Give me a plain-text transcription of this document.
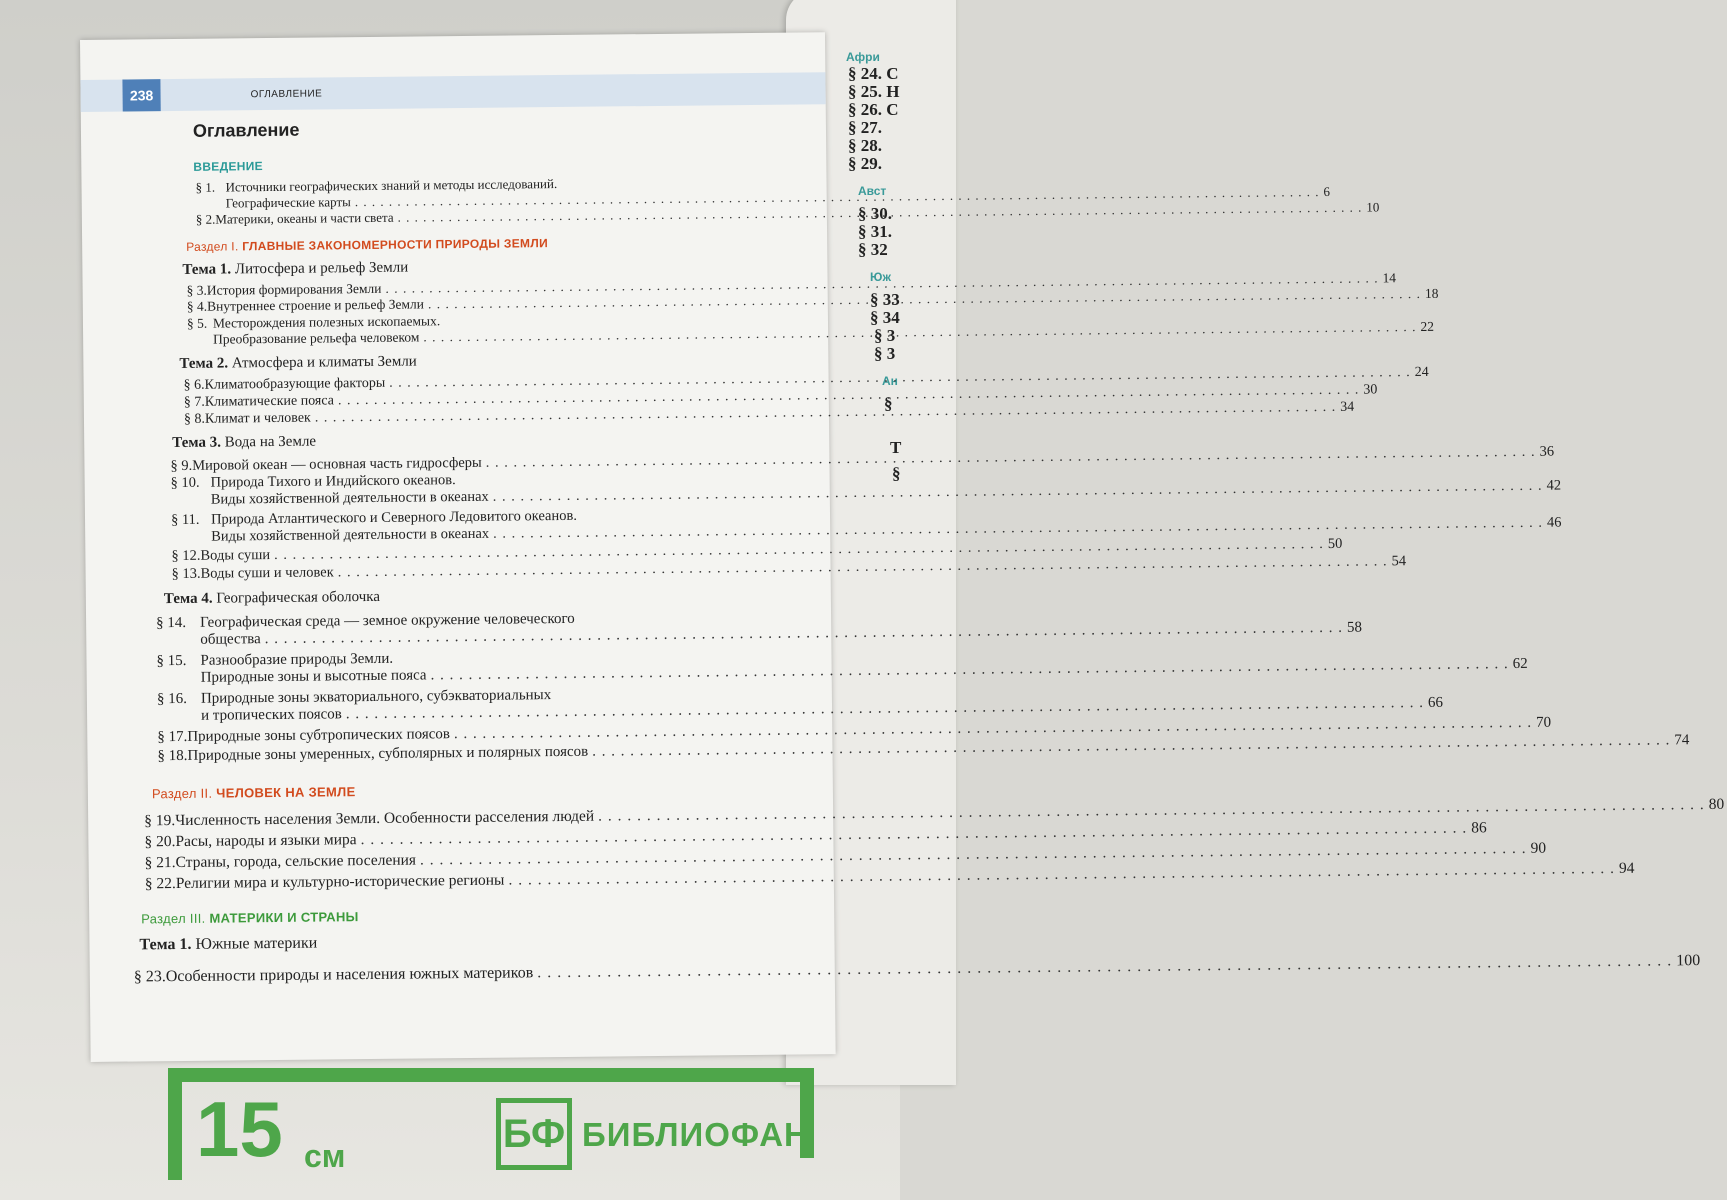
Афри
§ 24. С
§ 25. Н
§ 26. С
§ 27.
§ 28.
§ 29.
Авст
§ 30.
§ 31.
§ 32
Юж
§ 33
§ 34
§ 3
§ 3
Ан
§
Т
§
238	ОГЛАВЛЕНИЕ
Оглавление
ВВЕДЕНИЕ
§ 1. Источники географических знаний и методы исследований.
Географические карты
. . .
6
§ 2. Материки, океаны и части света
. . .
10
Раздел I. ГЛАВНЫЕ ЗАКОНОМЕРНОСТИ ПРИРОДЫ ЗЕМЛИ
Тема 1. Литосфера и рельеф Земли
§ 3. История формирования Земли
. . .
14
§ 4. Внутреннее строение и рельеф Земли
. . .
18
§ 5. Месторождения полезных ископаемых.
Преобразование рельефа человеком
. . .
22
Тема 2. Атмосфера и климаты Земли
§ 6. Климатообразующие факторы
. . .
24
§ 7. Климатические пояса
. . .
30
§ 8. Климат и человек
. . .
34
Тема 3. Вода на Земле
§ 9. Мировой океан — основная часть гидросферы
. . .
36
§ 10. Природа Тихого и Индийского океанов.
Виды хозяйственной деятельности в океанах
. . .
42
§ 11. Природа Атлантического и Северного Ледовитого океанов.
Виды хозяйственной деятельности в океанах
. . .
46
§ 12. Воды суши
. . .
50
§ 13. Воды суши и человек
. . .
54
Тема 4. Географическая оболочка
§ 14. Географическая среда — земное окружение человеческого
общества
. . .
58
§ 15. Разнообразие природы Земли.
Природные зоны и высотные пояса
. . .
62
§ 16. Природные зоны экваториального, субэкваториальных
и тропических поясов
. . .
66
§ 17. Природные зоны субтропических поясов
. . .
70
§ 18. Природные зоны умеренных, субполярных и полярных поясов
. . .
74
Раздел II. ЧЕЛОВЕК НА ЗЕМЛЕ
§ 19. Численность населения Земли. Особенности расселения людей
. . .
80
§ 20. Расы, народы и языки мира
. . .
86
§ 21. Страны, города, сельские поселения
. . .
90
§ 22. Религии мира и культурно-исторические регионы
. . .
94
Раздел III. МАТЕРИКИ И СТРАНЫ
Тема 1. Южные материки
§ 23. Особенности природы и населения южных материков
. . .
100
15 см
БФ БИБЛИОФАН
